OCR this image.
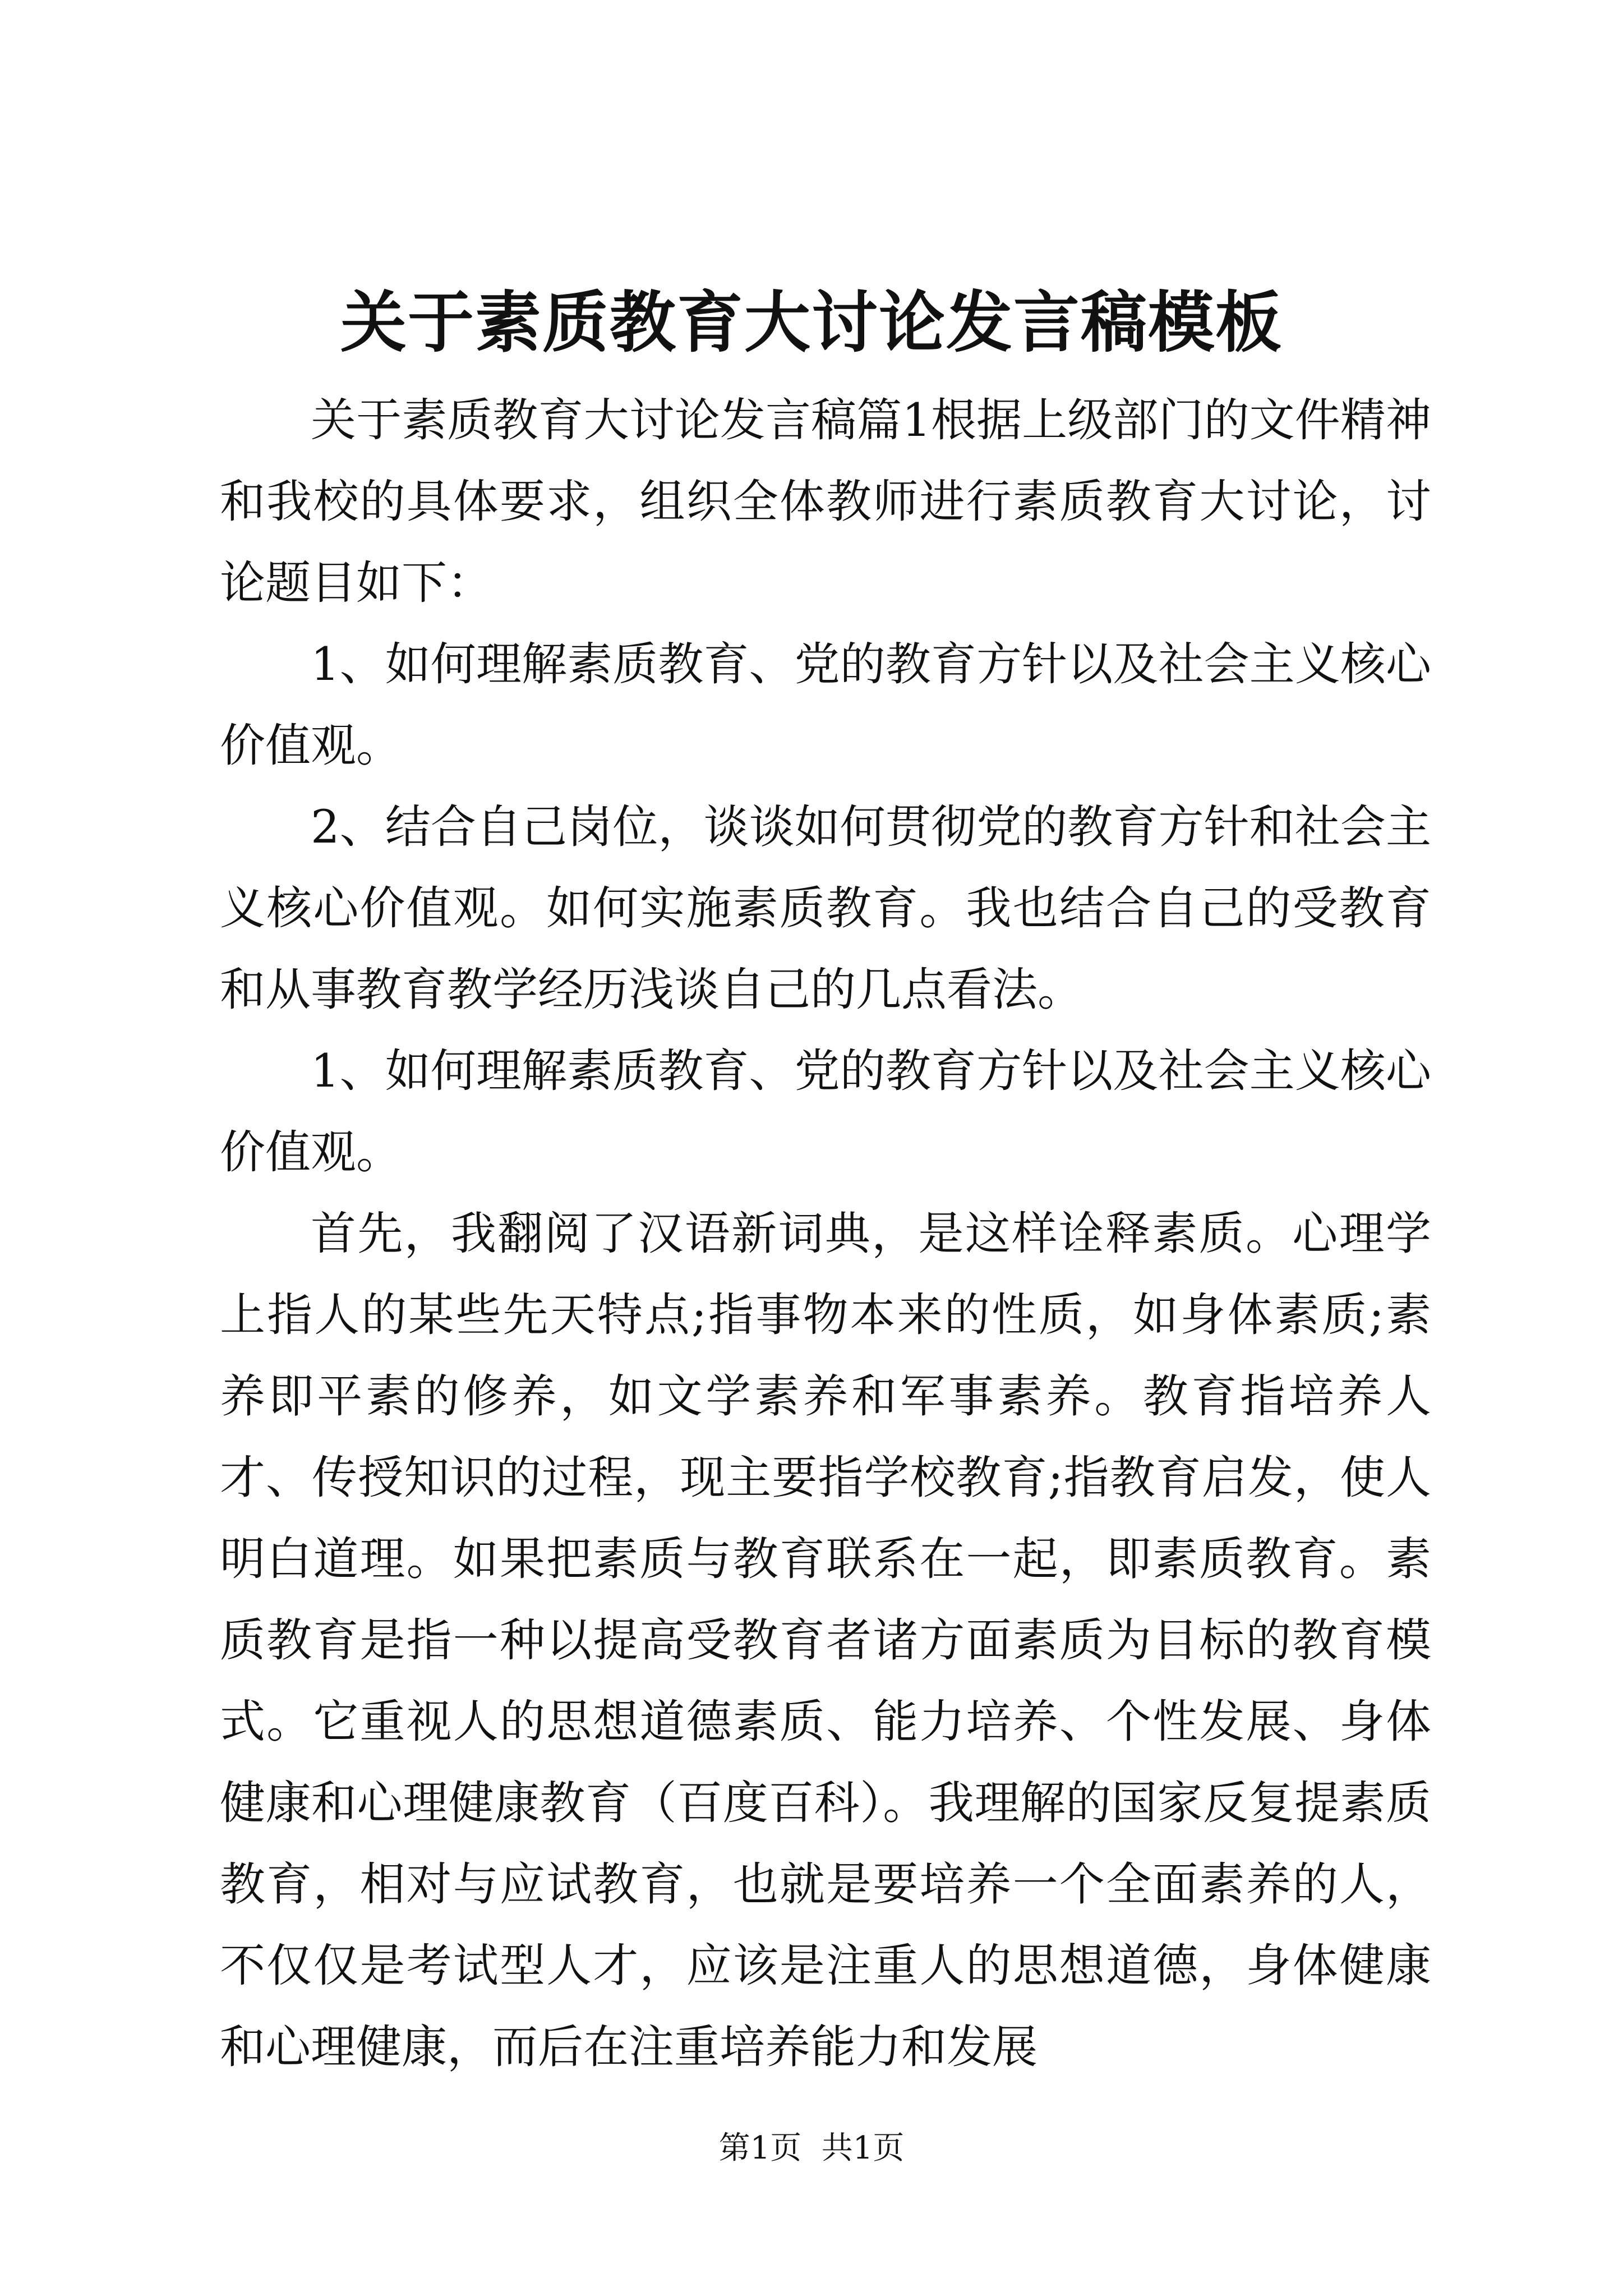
关于素质教育大讨论发言稿模板

关于素质教育大讨论发言稿篇1根据上级部门的文件精神和我校的具体要求，组织全体教师进行素质教育大讨论，讨论题目如下：

1、如何理解素质教育、党的教育方针以及社会主义核心价值观。

2、结合自己岗位，谈谈如何贯彻党的教育方针和社会主义核心价值观。如何实施素质教育。我也结合自己的受教育和从事教育教学经历浅谈自己的几点看法。

1、如何理解素质教育、党的教育方针以及社会主义核心价值观。

首先，我翻阅了汉语新词典，是这样诠释素质。心理学上指人的某些先天特点;指事物本来的性质，如身体素质;素养即平素的修养，如文学素养和军事素养。教育指培养人才、传授知识的过程，现主要指学校教育;指教育启发，使人明白道理。如果把素质与教育联系在一起，即素质教育。素质教育是指一种以提高受教育者诸方面素质为目标的教育模式。它重视人的思想道德素质、能力培养、个性发展、身体健康和心理健康教育（百度百科）。我理解的国家反复提素质教育，相对与应试教育，也就是要培养一个全面素养的人，不仅仅是考试型人才，应该是注重人的思想道德，身体健康和心理健康，而后在注重培养能力和发展

第1页  共1页
